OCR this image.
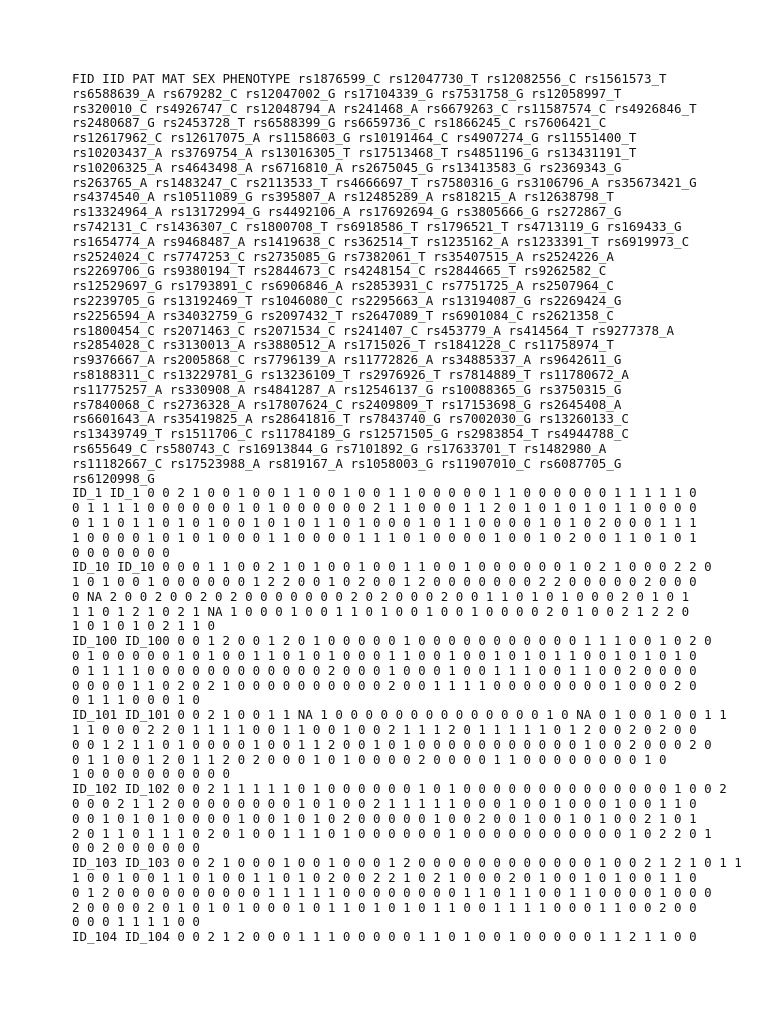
FID IID PAT MAT SEX PHENOTYPE rs1876599_C rs12047730_T rs12082556_C rs1561573_T
rs6588639_A rs679282_C rs12047002_G rs17104339_G rs7531758_G rs12058997_T
rs320010_C rs4926747_C rs12048794_A rs241468_A rs6679263_C rs11587574_C rs4926846_T
rs2480687_G rs2453728_T rs6588399_G rs6659736_C rs1866245_C rs7606421_C
rs12617962_C rs12617075_A rs1158603_G rs10191464_C rs4907274_G rs11551400_T
rs10203437_A rs3769754_A rs13016305_T rs17513468_T rs4851196_G rs13431191_T
rs10206325_A rs4643498_A rs6716810_A rs2675045_G rs13413583_G rs2369343_G
rs263765_A rs1483247_C rs2113533_T rs4666697_T rs7580316_G rs3106796_A rs35673421_G
rs4374540_A rs10511089_G rs395807_A rs12485289_A rs818215_A rs12638798_T
rs13324964_A rs13172994_G rs4492106_A rs17692694_G rs3805666_G rs272867_G
rs742131_C rs1436307_C rs1800708_T rs6918586_T rs1796521_T rs4713119_G rs169433_G
rs1654774_A rs9468487_A rs1419638_C rs362514_T rs1235162_A rs1233391_T rs6919973_C
rs2524024_C rs7747253_C rs2735085_G rs7382061_T rs35407515_A rs2524226_A
rs2269706_G rs9380194_T rs2844673_C rs4248154_C rs2844665_T rs9262582_C
rs12529697_G rs1793891_C rs6906846_A rs2853931_C rs7751725_A rs2507964_C
rs2239705_G rs13192469_T rs1046080_C rs2295663_A rs13194087_G rs2269424_G
rs2256594_A rs34032759_G rs2097432_T rs2647089_T rs6901084_C rs2621358_C
rs1800454_C rs2071463_C rs2071534_C rs241407_C rs453779_A rs414564_T rs9277378_A
rs2854028_C rs3130013_A rs3880512_A rs1715026_T rs1841228_C rs11758974_T
rs9376667_A rs2005868_C rs7796139_A rs11772826_A rs34885337_A rs9642611_G
rs8188311_C rs13229781_G rs13236109_T rs2976926_T rs7814889_T rs11780672_A
rs11775257_A rs330908_A rs4841287_A rs12546137_G rs10088365_G rs3750315_G
rs7840068_C rs2736328_A rs17807624_C rs2409809_T rs17153698_G rs2645408_A
rs6601643_A rs35419825_A rs28641816_T rs7843740_G rs7002030_G rs13260133_C
rs13439749_T rs1511706_C rs11784189_G rs12571505_G rs2983854_T rs4944788_C
rs655649_C rs580743_C rs16913844_G rs7101892_G rs17633701_T rs1482980_A
rs11182667_C rs17523988_A rs819167_A rs1058003_G rs11907010_C rs6087705_G
rs6120998_G
ID_1 ID_1 0 0 2 1 0 0 1 0 0 1 1 0 0 1 0 0 1 1 0 0 0 0 0 1 1 0 0 0 0 0 0 1 1 1 1 1 0
0 1 1 1 1 0 0 0 0 0 0 1 0 1 0 0 0 0 0 0 2 1 1 0 0 0 1 1 2 0 1 0 1 0 1 0 1 1 0 0 0 0
0 1 1 0 1 1 0 1 0 1 0 0 1 0 1 0 1 1 0 1 0 0 0 1 0 1 1 0 0 0 0 1 0 1 0 2 0 0 0 1 1 1
1 0 0 0 0 1 0 1 0 1 0 0 0 1 1 0 0 0 0 1 1 1 0 1 0 0 0 0 1 0 0 1 0 2 0 0 1 1 0 1 0 1
0 0 0 0 0 0 0
ID_10 ID_10 0 0 0 1 1 0 0 2 1 0 1 0 0 1 0 0 1 1 0 0 1 0 0 0 0 0 0 1 0 2 1 0 0 0 2 2 0
1 0 1 0 0 1 0 0 0 0 0 0 1 2 2 0 0 1 0 2 0 0 1 2 0 0 0 0 0 0 0 2 2 0 0 0 0 0 2 0 0 0
0 NA 2 0 0 2 0 0 2 0 2 0 0 0 0 0 0 0 2 0 2 0 0 0 2 0 0 1 1 0 1 0 1 0 0 0 2 0 1 0 1
1 1 0 1 2 1 0 2 1 NA 1 0 0 0 1 0 0 1 1 0 1 0 0 1 0 0 1 0 0 0 0 2 0 1 0 0 2 1 2 2 0
1 0 1 0 1 0 2 1 1 0
ID_100 ID_100 0 0 1 2 0 0 1 2 0 1 0 0 0 0 0 1 0 0 0 0 0 0 0 0 0 0 0 1 1 1 0 0 1 0 2 0
0 1 0 0 0 0 0 1 0 1 0 0 1 1 0 1 0 1 0 0 0 1 1 0 0 1 0 0 1 0 1 0 1 1 0 0 1 0 1 0 1 0
0 1 1 1 1 0 0 0 0 0 0 0 0 0 0 0 0 2 0 0 0 1 0 0 0 1 0 0 1 1 1 0 0 1 1 0 0 2 0 0 0 0
0 0 0 0 1 1 0 2 0 2 1 0 0 0 0 0 0 0 0 0 0 2 0 0 1 1 1 1 0 0 0 0 0 0 0 0 1 0 0 0 2 0
0 1 1 1 0 0 0 1 0
ID_101 ID_101 0 0 2 1 0 0 1 1 NA 1 0 0 0 0 0 0 0 0 0 0 0 0 0 0 1 0 NA 0 1 0 0 1 0 0 1 1
1 1 0 0 0 2 2 0 1 1 1 1 0 0 1 1 0 0 1 0 0 2 1 1 1 2 0 1 1 1 1 1 0 1 2 0 0 2 0 2 0 0
0 0 1 2 1 1 0 1 0 0 0 0 1 0 0 1 1 2 0 0 1 0 1 0 0 0 0 0 0 0 0 0 0 0 1 0 0 2 0 0 0 2 0
0 1 1 0 0 1 2 0 1 1 2 0 2 0 0 0 1 0 1 0 0 0 0 2 0 0 0 0 1 1 0 0 0 0 0 0 0 0 1 0
1 0 0 0 0 0 0 0 0 0 0
ID_102 ID_102 0 0 2 1 1 1 1 1 0 1 0 0 0 0 0 0 1 0 1 0 0 0 0 0 0 0 0 0 0 0 0 0 0 1 0 0 2
0 0 0 2 1 1 2 0 0 0 0 0 0 0 0 1 0 1 0 0 2 1 1 1 1 1 0 0 0 1 0 0 1 0 0 0 1 0 0 1 1 0
0 0 1 0 1 0 1 0 0 0 0 1 0 0 1 0 1 0 2 0 0 0 0 0 1 0 0 2 0 0 1 0 0 1 0 1 0 0 2 1 0 1
2 0 1 1 0 1 1 1 0 2 0 1 0 0 1 1 1 0 1 0 0 0 0 0 0 1 0 0 0 0 0 0 0 0 0 0 0 1 0 2 2 0 1
0 0 2 0 0 0 0 0 0
ID_103 ID_103 0 0 2 1 0 0 0 1 0 0 1 0 0 0 1 2 0 0 0 0 0 0 0 0 0 0 0 0 1 0 0 2 1 2 1 0 1 1
1 0 0 1 0 0 1 1 0 1 0 0 1 1 0 1 0 2 0 0 2 2 1 0 2 1 0 0 0 2 0 1 0 0 1 0 1 0 0 1 1 0
0 1 2 0 0 0 0 0 0 0 0 0 0 1 1 1 1 1 0 0 0 0 0 0 0 0 1 1 0 1 1 0 0 1 1 0 0 0 0 1 0 0 0
2 0 0 0 0 2 0 1 0 1 0 1 0 0 0 1 0 1 1 0 1 0 1 0 1 1 0 0 1 1 1 1 0 0 0 1 1 0 0 2 0 0
0 0 0 1 1 1 1 0 0
ID_104 ID_104 0 0 2 1 2 0 0 0 1 1 1 0 0 0 0 0 1 1 0 1 0 0 1 0 0 0 0 0 1 1 2 1 1 0 0
